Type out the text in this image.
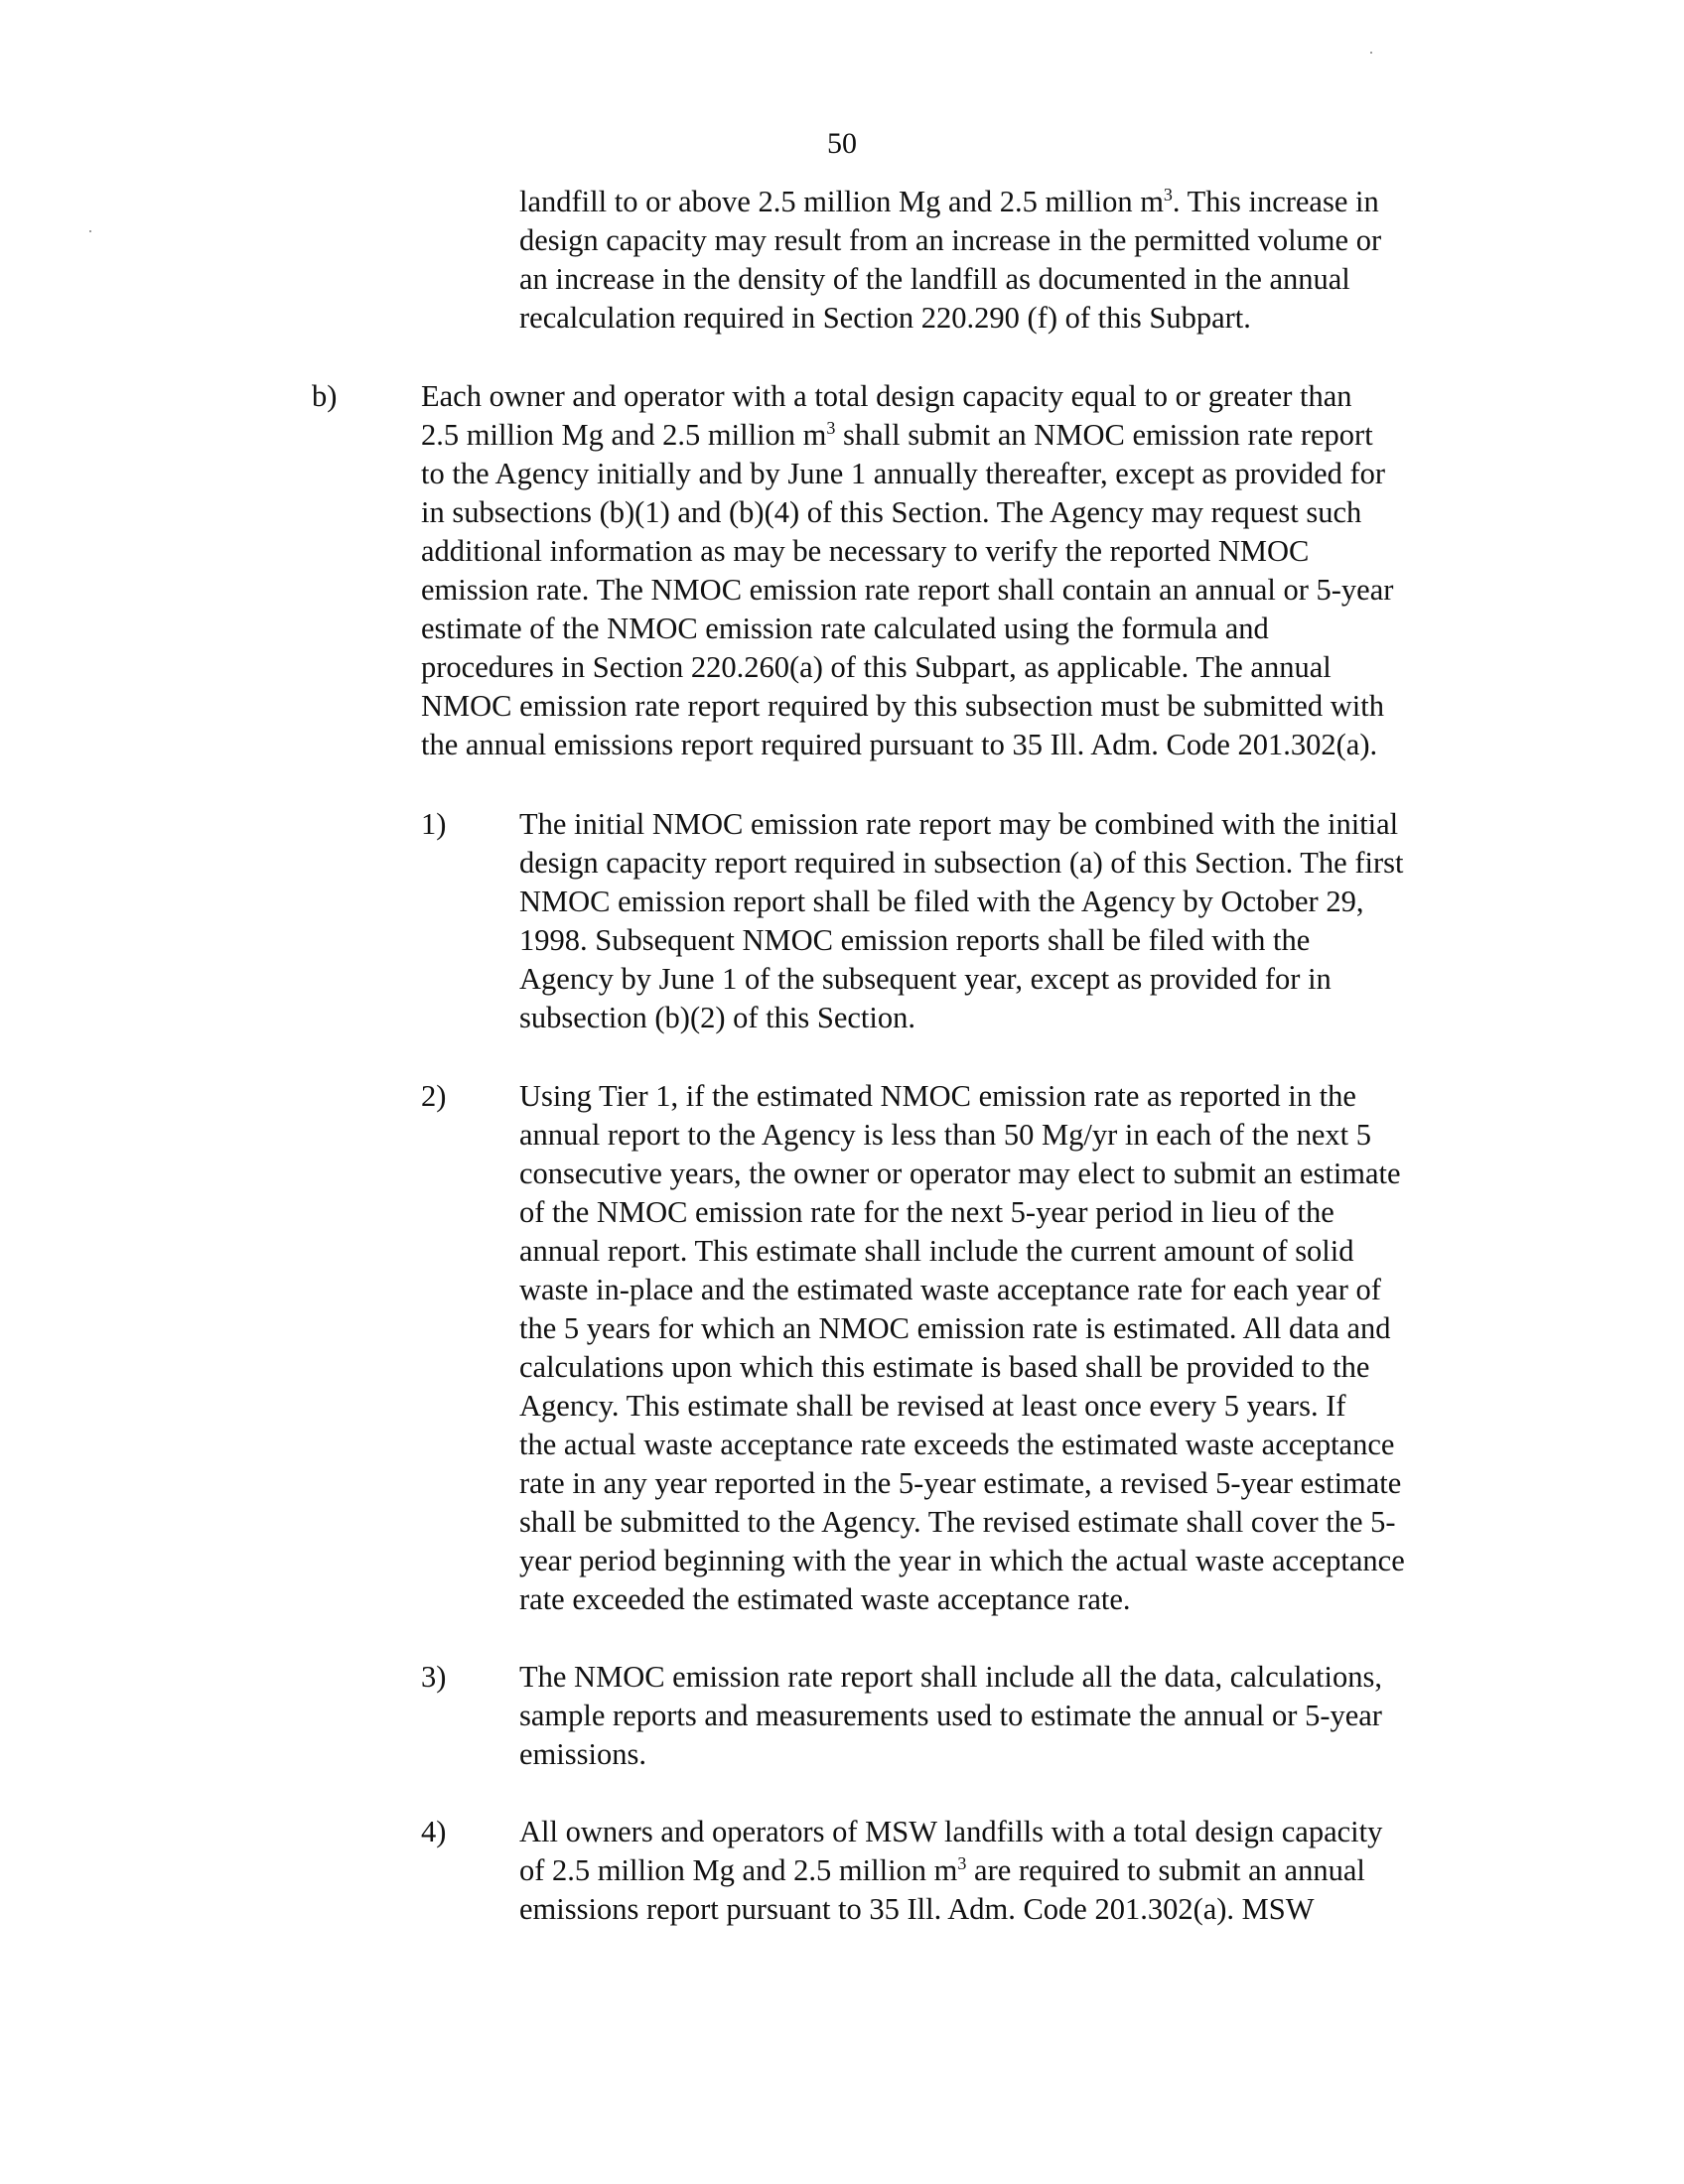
50
landfill to or above 2.5 million Mg and 2.5 million $m^3$. This increase in
design capacity may result from an increase in the permitted volume or
an increase in the density of the landfill as documented in the annual
recalculation required in Section 220.290 (f) of this Subpart.
b)	Each owner and operator with a total design capacity equal to or greater than
2.5 million Mg and 2.5 million $m^3$ shall submit an NMOC emission rate report
to the Agency initially and by June 1 annually thereafter, except as provided for
in subsections (b)(1) and (b)(4) of this Section. The Agency may request such
additional information as may be necessary to verify the reported NMOC
emission rate. The NMOC emission rate report shall contain an annual or 5-year
estimate of the NMOC emission rate calculated using the formula and
procedures in Section 220.260(a) of this Subpart, as applicable. The annual
NMOC emission rate report required by this subsection must be submitted with
the annual emissions report required pursuant to 35 Ill. Adm. Code 201.302(a).
1) The initial NMOC emission rate report may be combined with the initial
design capacity report required in subsection (a) of this Section. The first
NMOC emission report shall be filed with the Agency by October 29,
1998. Subsequent NMOC emission reports shall be filed with the
Agency by June 1 of the subsequent year, except as provided for in
subsection (b)(2) of this Section.
2) Using Tier 1, if the estimated NMOC emission rate as reported in the
annual report to the Agency is less than 50 Mg/yr in each of the next 5
consecutive years, the owner or operator may elect to submit an estimate
of the NMOC emission rate for the next 5-year period in lieu of the
annual report. This estimate shall include the current amount of solid
waste in-place and the estimated waste acceptance rate for each year of
the 5 years for which an NMOC emission rate is estimated. All data and
calculations upon which this estimate is based shall be provided to the
Agency. This estimate shall be revised at least once every 5 years. If
the actual waste acceptance rate exceeds the estimated waste acceptance
rate in any year reported in the 5-year estimate, a revised 5-year estimate
shall be submitted to the Agency. The revised estimate shall cover the 5-
year period beginning with the year in which the actual waste acceptance
rate exceeded the estimated waste acceptance rate.
3) The NMOC emission rate report shall include all the data, calculations,
sample reports and measurements used to estimate the annual or 5-year
emissions.
4) All owners and operators of MSW landfills with a total design capacity
of 2.5 million Mg and 2.5 million $m^3$ are required to submit an annual
emissions report pursuant to 35 Ill. Adm. Code 201.302(a). MSW
